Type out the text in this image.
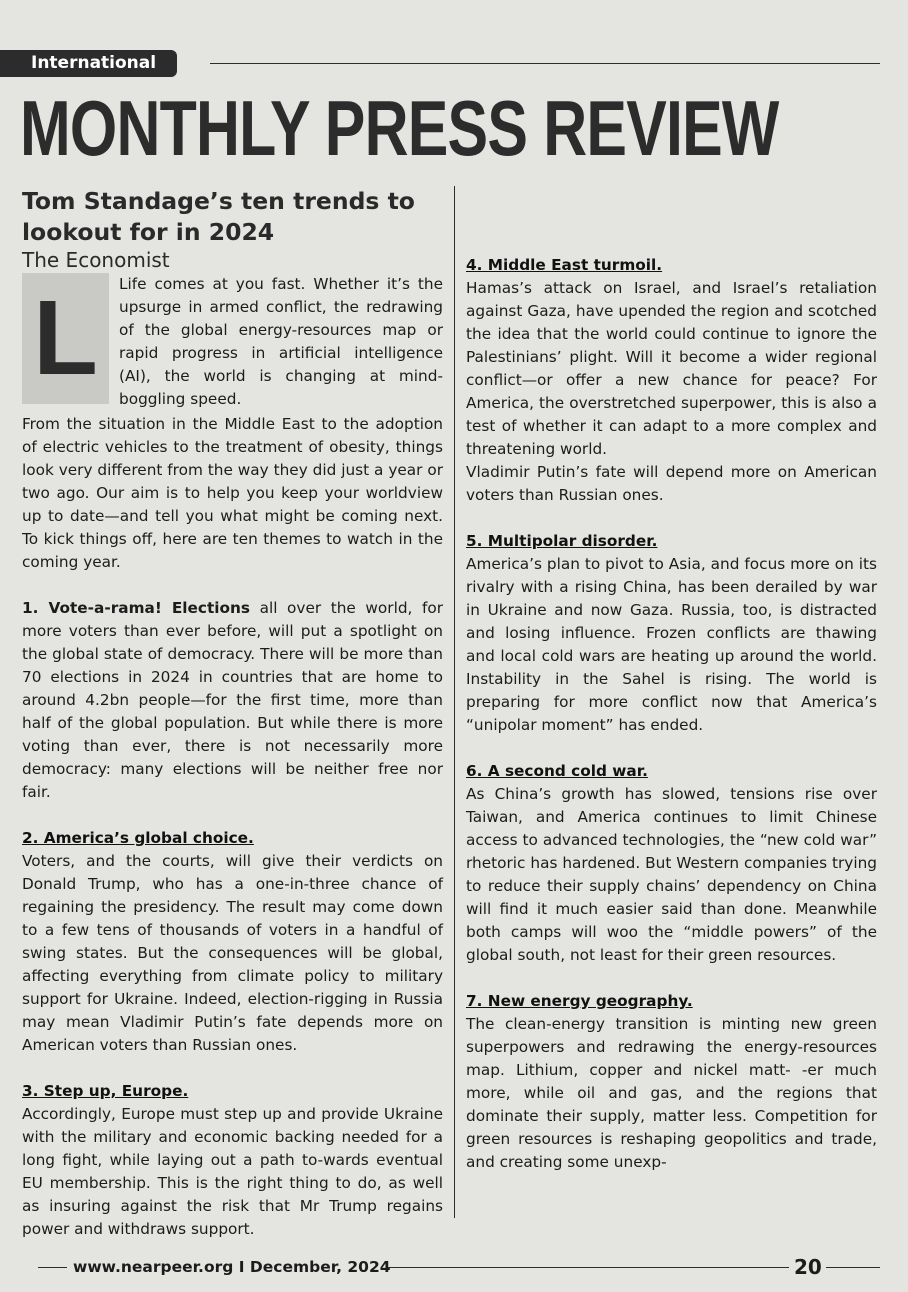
International
MONTHLY PRESS REVIEW
Tom Standage’s ten trends to lookout for in 2024

The Economist

L	Life comes at you fast. Whether it’s the upsurge in armed conflict, the redrawing of the global energy-resources map or rapid progress in artificial intelligence (AI), the world is changing at mind-boggling speed.

From the situation in the Middle East to the adoption of electric vehicles to the treatment of obesity, things look very different from the way they did just a year or two ago. Our aim is to help you keep your worldview up to date—and tell you what might be coming next. To kick things off, here are ten themes to watch in the coming year.

1. Vote-a-rama! Elections all over the world, for more voters than ever before, will put a spotlight on the global state of democracy. There will be more than 70 elections in 2024 in countries that are home to around 4.2bn people—for the first time, more than half of the global population. But while there is more voting than ever, there is not necessarily more democracy: many elections will be neither free nor fair.

2. America’s global choice.

Voters, and the courts, will give their verdicts on Donald Trump, who has a one-in-three chance of regaining the presidency. The result may come down to a few tens of thousands of voters in a handful of swing states. But the consequences will be global, affecting everything from climate policy to military support for Ukraine. Indeed, election-rigging in Russia may mean Vladimir Putin’s fate depends more on American voters than Russian ones.

3. Step up, Europe.

Accordingly, Europe must step up and provide Ukraine with the military and economic backing needed for a long fight, while laying out a path to-wards eventual EU membership. This is the right thing to do, as well as insuring against the risk that Mr Trump regains power and withdraws support.

4. Middle East turmoil.

Hamas’s attack on Israel, and Israel’s retaliation against Gaza, have upended the region and scotched the idea that the world could continue to ignore the Palestinians’ plight. Will it become a wider regional conflict—or offer a new chance for peace? For America, the overstretched superpower, this is also a test of whether it can adapt to a more complex and threatening world.

Vladimir Putin’s fate will depend more on American voters than Russian ones.

5. Multipolar disorder.

America’s plan to pivot to Asia, and focus more on its rivalry with a rising China, has been derailed by war in Ukraine and now Gaza. Russia, too, is distracted and losing influence. Frozen conflicts are thawing and local cold wars are heating up around the world. Instability in the Sahel is rising. The world is preparing for more conflict now that America’s “unipolar moment” has ended.

6. A second cold war.

As China’s growth has slowed, tensions rise over Taiwan, and America continues to limit Chinese access to advanced technologies, the “new cold war” rhetoric has hardened. But Western companies trying to reduce their supply chains’ dependency on China will find it much easier said than done. Meanwhile both camps will woo the “middle powers” of the global south, not least for their green resources.

7. New energy geography.

The clean-energy transition is minting new green superpowers and redrawing the energy-resources map. Lithium, copper and nickel matt- -er much more, while oil and gas, and the regions that dominate their supply, matter less. Competition for green resources is reshaping geopolitics and trade, and creating some unexp-

www.nearpeer.org I December, 2024	20
